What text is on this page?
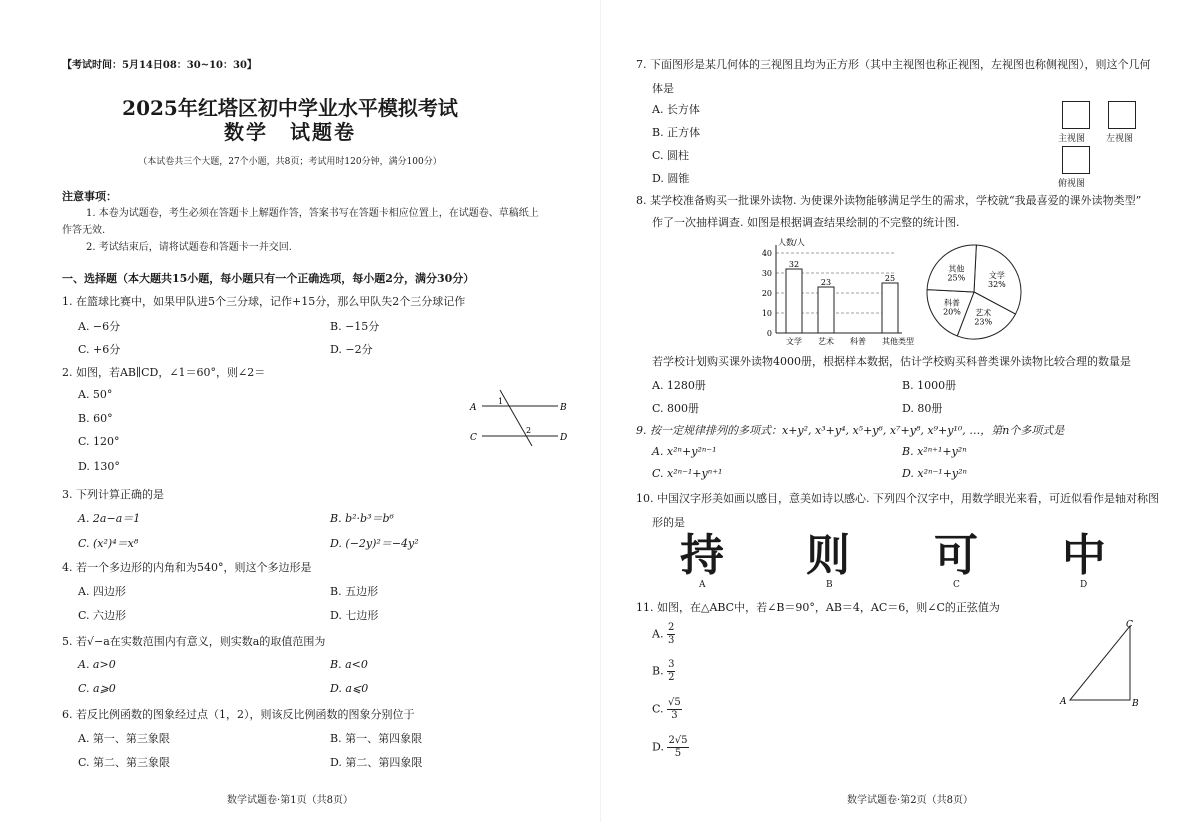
【考试时间：5月14日08：30~10：30】
2025年红塔区初中学业水平模拟考试
数学　试题卷
（本试卷共三个大题，27个小题，共8页；考试用时120分钟，满分100分）
注意事项：
1. 本卷为试题卷，考生必须在答题卡上解题作答，答案书写在答题卡相应位置上，在试题卷、草稿纸上
作答无效.
2. 考试结束后，请将试题卷和答题卡一并交回.
一、选择题（本大题共15小题，每小题只有一个正确选项，每小题2分，满分30分）
1. 在篮球比赛中，如果甲队进5个三分球，记作+15分，那么甲队失2个三分球记作
A. −6分	B. −15分
C. +6分	D. −2分
2. 如图，若AB∥CD，∠1＝60°，则∠2＝
A. 50°
B. 60°
C. 120°
D. 130°
A	B
C	D
1
2
3. 下列计算正确的是
A. 2a−a＝1	B. b²·b³＝b⁶
C. (x²)⁴＝x⁸	D. (−2y)²＝−4y²
4. 若一个多边形的内角和为540°，则这个多边形是
A. 四边形	B. 五边形
C. 六边形	D. 七边形
5. 若√−a在实数范围内有意义，则实数a的取值范围为
A. a>0	B. a<0
C. a⩾0	D. a⩽0
6. 若反比例函数的图象经过点（1，2），则该反比例函数的图象分别位于
A. 第一、第三象限	B. 第一、第四象限
C. 第二、第三象限	D. 第二、第四象限
数学试题卷·第1页（共8页）
7. 下面图形是某几何体的三视图且均为正方形（其中主视图也称正视图，左视图也称侧视图），则这个几何
体是
A. 长方体
B. 正方体
C. 圆柱
D. 圆锥
主视图 左视图
俯视图
8. 某学校准备购买一批课外读物. 为使课外读物能够满足学生的需求，学校就“我最喜爱的课外读物类型”
作了一次抽样调查. 如图是根据调查结果绘制的不完整的统计图.
0
10
20
30
40
人数/人
类型
32
文学
23
艺术 科普
25
其他
文学
32%
艺术
23%
科普
20%
其他
25%
若学校计划购买课外读物4000册，根据样本数据，估计学校购买科普类课外读物比较合理的数量是
A. 1280册	B. 1000册
C. 800册	D. 80册
9. 按一定规律排列的多项式：x+y², x³+y⁴, x⁵+y⁶, x⁷+y⁸, x⁹+y¹⁰, …，第n个多项式是
A. x²ⁿ+y²ⁿ⁻¹	B. x²ⁿ⁺¹+y²ⁿ
C. x²ⁿ⁻¹+yⁿ⁺¹	D. x²ⁿ⁻¹+y²ⁿ
10. 中国汉字形美如画以感目，意美如诗以感心. 下列四个汉字中，用数学眼光来看，可近似看作是轴对称图
形的是
持 则 可 中
A	B	C	D
11. 如图，在△ABC中，若∠B＝90°，AB＝4，AC＝6，则∠C的正弦值为
A. $\frac{2}{3}$
B. $\frac{3}{2}$
C. $\frac{√5}{3}$
D. $\frac{2√5}{5}$
A	B
C
数学试题卷·第2页（共8页）
